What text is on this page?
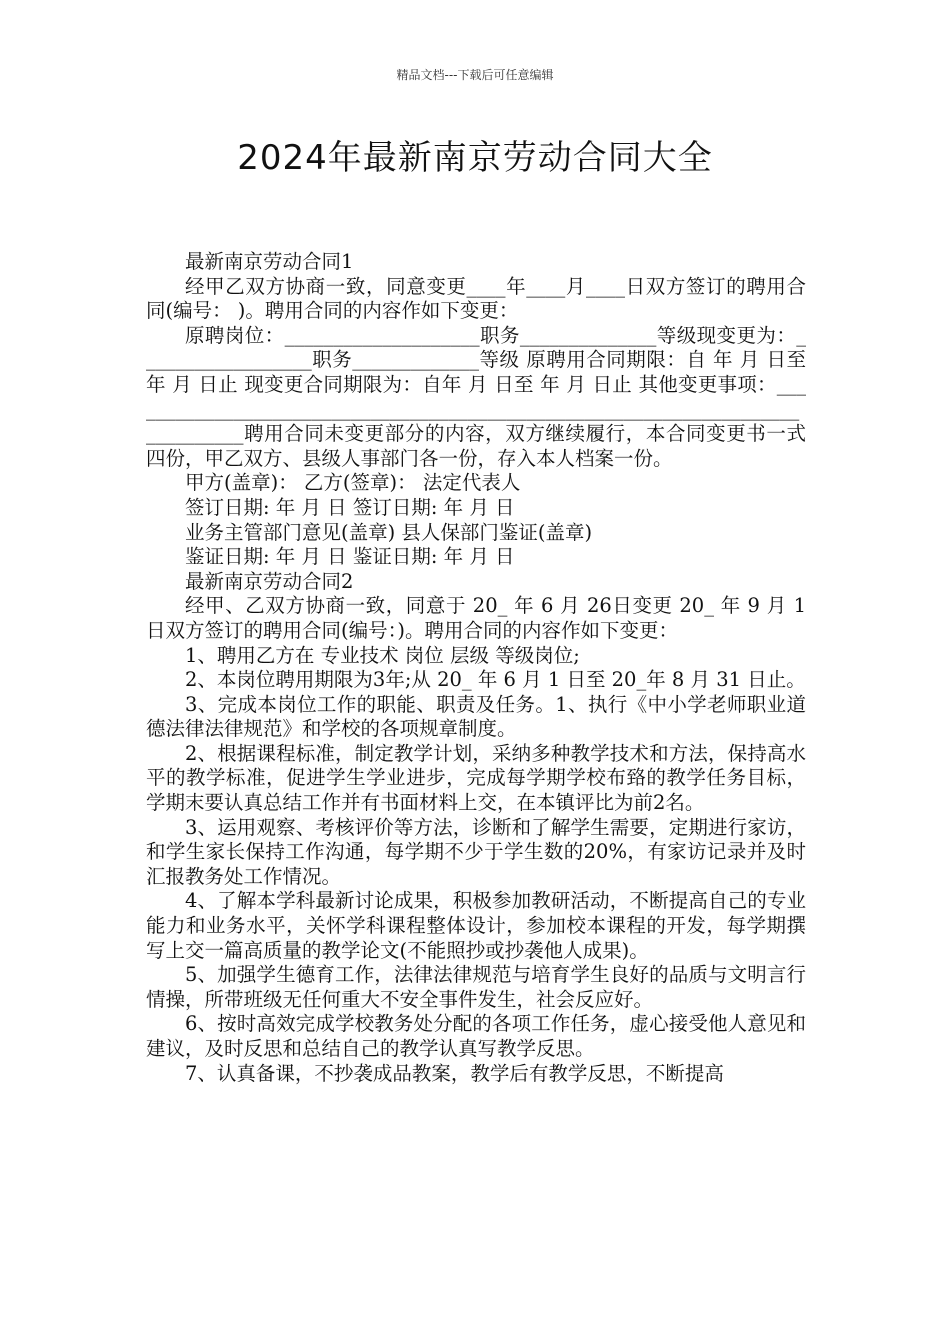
精品文档---下载后可任意编辑
2024年最新南京劳动合同大全

最新南京劳动合同1

经甲乙双方协商一致，同意变更____年____月____日双方签订的聘用合同(编号： )。聘用合同的内容作如下变更：

原聘岗位：____________________职务______________等级现变更为：__________________职务_____________等级 原聘用合同期限：自 年 月 日至 年 月 日止 现变更合同期限为：自年 月 日至 年 月 日止 其他变更事项：________________________________________________________________________________聘用合同未变更部分的内容，双方继续履行，本合同变更书一式四份，甲乙双方、县级人事部门各一份，存入本人档案一份。

甲方(盖章)： 乙方(签章)： 法定代表人

签订日期: 年 月 日 签订日期: 年 月 日

业务主管部门意见(盖章) 县人保部门鉴证(盖章)

鉴证日期: 年 月 日 鉴证日期: 年 月 日

最新南京劳动合同2

经甲、乙双方协商一致，同意于 20_ 年 6 月 26日变更 20_ 年 9 月 1 日双方签订的聘用合同(编号：)。聘用合同的内容作如下变更：

1、聘用乙方在 专业技术 岗位 层级 等级岗位;

2、本岗位聘用期限为3年;从 20_ 年 6 月 1 日至 20_年 8 月 31 日止。

3、完成本岗位工作的职能、职责及任务。1、执行《中小学老师职业道德法律法律规范》和学校的各项规章制度。

2、根据课程标准，制定教学计划，采纳多种教学技术和方法，保持高水平的教学标准，促进学生学业进步，完成每学期学校布臵的教学任务目标，学期末要认真总结工作并有书面材料上交，在本镇评比为前2名。

3、运用观察、考核评价等方法，诊断和了解学生需要，定期进行家访，和学生家长保持工作沟通，每学期不少于学生数的20%，有家访记录并及时汇报教务处工作情况。

4、了解本学科最新讨论成果，积极参加教研活动，不断提高自己的专业能力和业务水平，关怀学科课程整体设计，参加校本课程的开发，每学期撰写上交一篇高质量的教学论文(不能照抄或抄袭他人成果)。

5、加强学生德育工作，法律法律规范与培育学生良好的品质与文明言行情操，所带班级无任何重大不安全事件发生，社会反应好。

6、按时高效完成学校教务处分配的各项工作任务，虚心接受他人意见和建议，及时反思和总结自己的教学认真写教学反思。

7、认真备课，不抄袭成品教案，教学后有教学反思，不断提高
